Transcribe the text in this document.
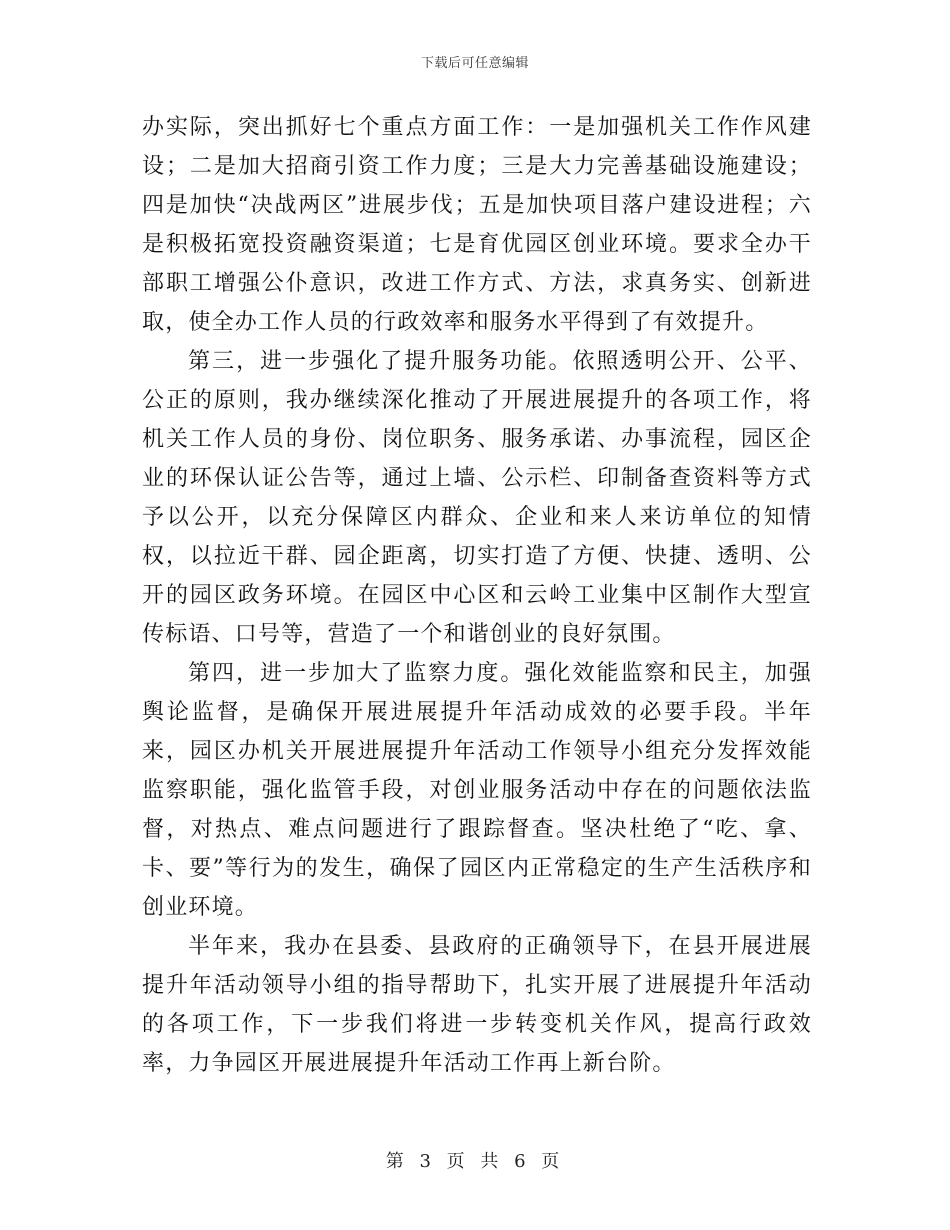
下载后可任意编辑

办实际，突出抓好七个重点方面工作：一是加强机关工作作风建设；二是加大招商引资工作力度；三是大力完善基础设施建设；四是加快“决战两区”进展步伐；五是加快项目落户建设进程；六是积极拓宽投资融资渠道；七是育优园区创业环境。要求全办干部职工增强公仆意识，改进工作方式、方法，求真务实、创新进取，使全办工作人员的行政效率和服务水平得到了有效提升。

第三，进一步强化了提升服务功能。依照透明公开、公平、公正的原则，我办继续深化推动了开展进展提升的各项工作，将机关工作人员的身份、岗位职务、服务承诺、办事流程，园区企业的环保认证公告等，通过上墙、公示栏、印制备查资料等方式予以公开，以充分保障区内群众、企业和来人来访单位的知情权，以拉近干群、园企距离，切实打造了方便、快捷、透明、公开的园区政务环境。在园区中心区和云岭工业集中区制作大型宣传标语、口号等，营造了一个和谐创业的良好氛围。

第四，进一步加大了监察力度。强化效能监察和民主，加强舆论监督，是确保开展进展提升年活动成效的必要手段。半年来，园区办机关开展进展提升年活动工作领导小组充分发挥效能监察职能，强化监管手段，对创业服务活动中存在的问题依法监督，对热点、难点问题进行了跟踪督查。坚决杜绝了“吃、拿、卡、要”等行为的发生，确保了园区内正常稳定的生产生活秩序和创业环境。

半年来，我办在县委、县政府的正确领导下，在县开展进展提升年活动领导小组的指导帮助下，扎实开展了进展提升年活动的各项工作，下一步我们将进一步转变机关作风，提高行政效率，力争园区开展进展提升年活动工作再上新台阶。

第 3 页 共 6 页
